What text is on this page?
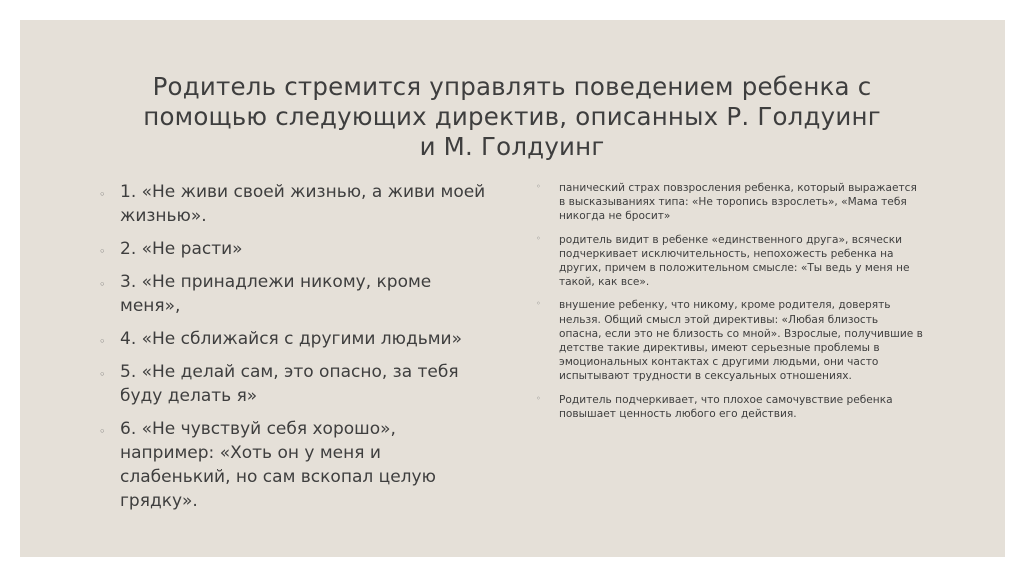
Родитель стремится управлять поведением ребенка с помощью следующих директив, описанных Р. Голдуинг и М. Голдуинг
◦ 1. «Не живи своей жизнью, а живи моей жизнью».
◦ 2. «Не расти»
◦ 3. «Не принадлежи никому, кроме меня»,
◦ 4. «Не сближайся с другими людьми»
◦ 5. «Не делай сам, это опасно, за тебя буду делать я»
◦ 6. «Не чувствуй себя хорошо», например: «Хоть он у меня и слабенький, но сам вскопал целую грядку».
◦ панический страх повзросления ребенка, который выражается в высказываниях типа: «Не торопись взрослеть», «Мама тебя никогда не бросит»
◦ родитель видит в ребенке «единственного друга», всячески подчеркивает исключительность, непохожесть ребенка на других, причем в положительном смысле: «Ты ведь у меня не такой, как все».
◦ внушение ребенку, что никому, кроме родителя, доверять нельзя. Общий смысл этой директивы: «Любая близость опасна, если это не близость со мной». Взрослые, получившие в детстве такие директивы, имеют серьезные проблемы в эмоциональных контактах с другими людьми, они часто испытывают трудности в сексуальных отношениях.
◦ Родитель подчеркивает, что плохое самочувствие ребенка повышает ценность любого его действия.
